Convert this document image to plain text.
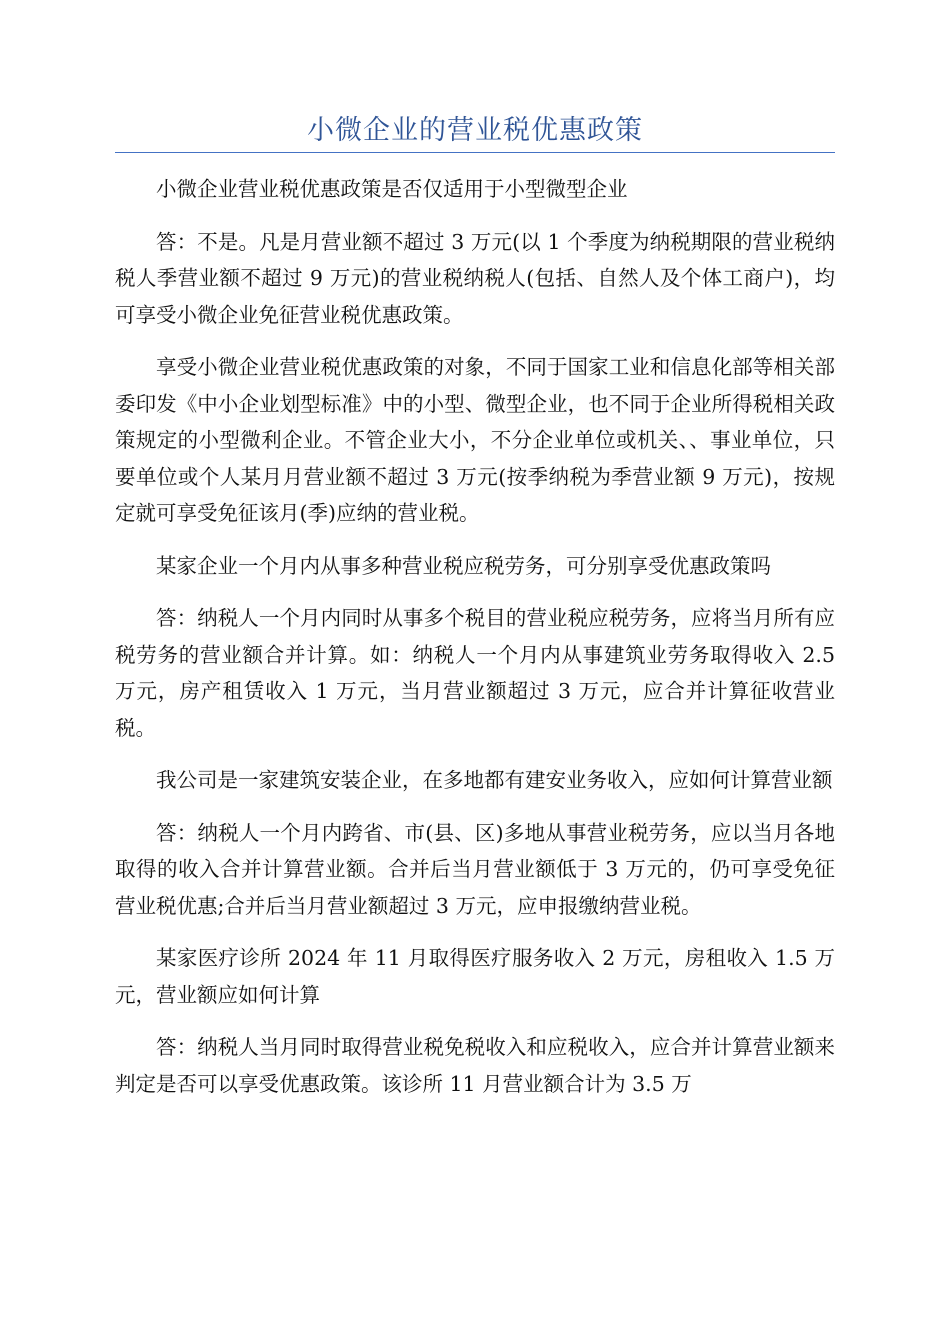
小微企业的营业税优惠政策

小微企业营业税优惠政策是否仅适用于小型微型企业

答：不是。凡是月营业额不超过 3 万元(以 1 个季度为纳税期限的营业税纳税人季营业额不超过 9 万元)的营业税纳税人(包括、自然人及个体工商户)，均可享受小微企业免征营业税优惠政策。

享受小微企业营业税优惠政策的对象，不同于国家工业和信息化部等相关部委印发《中小企业划型标准》中的小型、微型企业，也不同于企业所得税相关政策规定的小型微利企业。不管企业大小，不分企业单位或机关、、事业单位，只要单位或个人某月月营业额不超过 3 万元(按季纳税为季营业额 9 万元)，按规定就可享受免征该月(季)应纳的营业税。

某家企业一个月内从事多种营业税应税劳务，可分别享受优惠政策吗

答：纳税人一个月内同时从事多个税目的营业税应税劳务，应将当月所有应税劳务的营业额合并计算。如：纳税人一个月内从事建筑业劳务取得收入 2.5 万元，房产租赁收入 1 万元，当月营业额超过 3 万元，应合并计算征收营业税。

我公司是一家建筑安装企业，在多地都有建安业务收入，应如何计算营业额

答：纳税人一个月内跨省、市(县、区)多地从事营业税劳务，应以当月各地取得的收入合并计算营业额。合并后当月营业额低于 3 万元的，仍可享受免征营业税优惠;合并后当月营业额超过 3 万元，应申报缴纳营业税。

某家医疗诊所 2024 年 11 月取得医疗服务收入 2 万元，房租收入 1.5 万元，营业额应如何计算

答：纳税人当月同时取得营业税免税收入和应税收入，应合并计算营业额来判定是否可以享受优惠政策。该诊所 11 月营业额合计为 3.5 万
